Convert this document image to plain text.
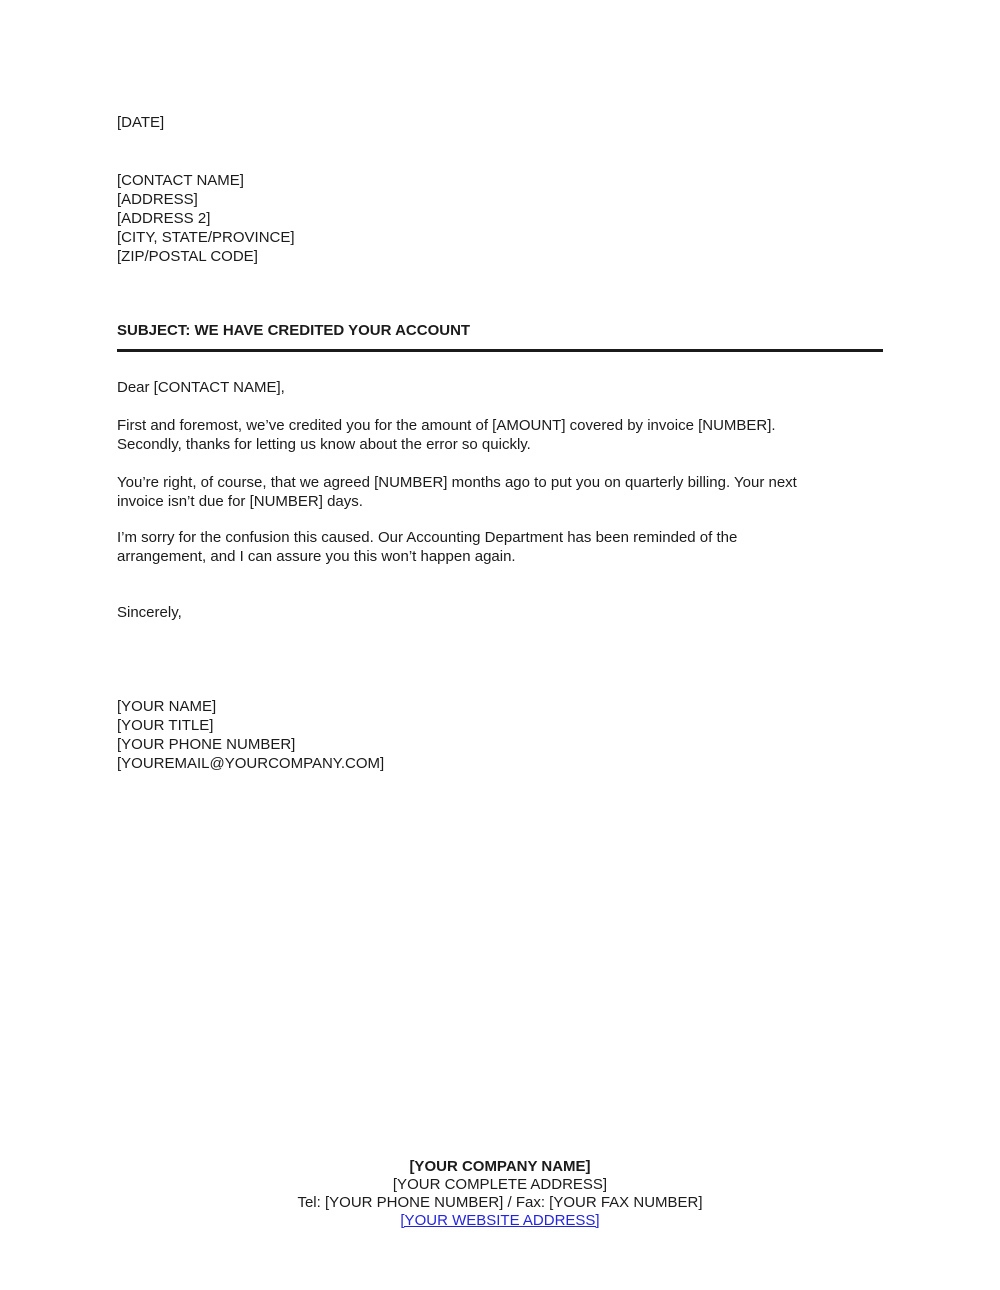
[DATE]
[CONTACT NAME]
[ADDRESS]
[ADDRESS 2]
[CITY, STATE/PROVINCE]
[ZIP/POSTAL CODE]
SUBJECT: WE HAVE CREDITED YOUR ACCOUNT
Dear [CONTACT NAME],
First and foremost, we’ve credited you for the amount of [AMOUNT] covered by invoice [NUMBER].
Secondly, thanks for letting us know about the error so quickly.
You’re right, of course, that we agreed [NUMBER] months ago to put you on quarterly billing. Your next
invoice isn’t due for [NUMBER] days.
I’m sorry for the confusion this caused. Our Accounting Department has been reminded of the
arrangement, and I can assure you this won’t happen again.
Sincerely,
[YOUR NAME]
[YOUR TITLE]
[YOUR PHONE NUMBER]
[YOUREMAIL@YOURCOMPANY.COM]
[YOUR COMPANY NAME]
[YOUR COMPLETE ADDRESS]
Tel: [YOUR PHONE NUMBER] / Fax: [YOUR FAX NUMBER]
[YOUR WEBSITE ADDRESS]
